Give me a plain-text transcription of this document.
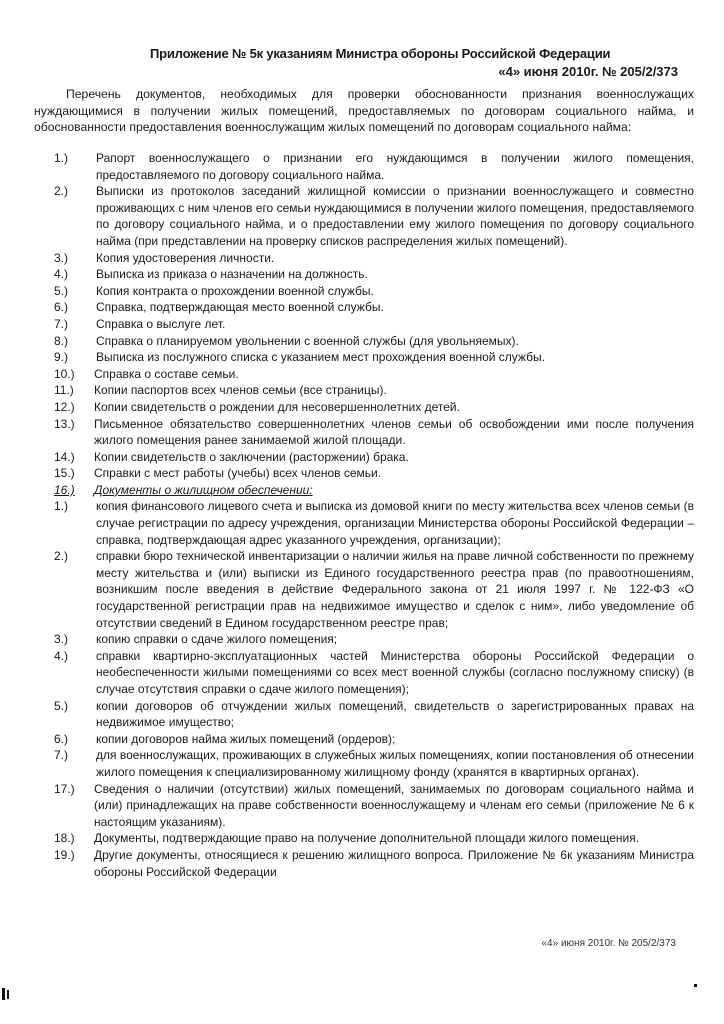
Приложение № 5к указаниям Министра обороны Российской Федерации
«4» июня 2010г. № 205/2/373
Перечень документов, необходимых для проверки обоснованности признания военнослужащих нуждающимися в получении жилых помещений, предоставляемых по договорам социального найма, и обоснованности предоставления военнослужащим жилых помещений по договорам социального найма:
1.)	Рапорт военнослужащего о признании его нуждающимся в получении жилого помещения, предоставляемого по договору социального найма.
2.)	Выписки из протоколов заседаний жилищной комиссии о признании военнослужащего и совместно проживающих с ним членов его семьи нуждающимися в получении жилого помещения, предоставляемого по договору социального найма, и о предоставлении ему жилого помещения по договору социального найма (при представлении на проверку списков распределения жилых помещений).
3.)	Копия удостоверения личности.
4.)	Выписка из приказа о назначении на должность.
5.)	Копия контракта о прохождении военной службы.
6.)	Справка, подтверждающая место военной службы.
7.)	Справка о выслуге лет.
8.)	Справка о планируемом увольнении с военной службы (для увольняемых).
9.)	Выписка из послужного списка с указанием мест прохождения военной службы.
10.)	Справка о составе семьи.
11.)	Копии паспортов всех членов семьи (все страницы).
12.)	Копии свидетельств о рождении для несовершеннолетних детей.
13.)	Письменное обязательство совершеннолетних членов семьи об освобождении ими после получения жилого помещения ранее занимаемой жилой площади.
14.)	Копии свидетельств о заключении (расторжении) брака.
15.)	Справки с мест работы (учебы) всех членов семьи.
16.)	Документы о жилищном обеспечении:
1.)	копия финансового лицевого счета и выписка из домовой книги по месту жительства всех членов семьи (в случае регистрации по адресу учреждения, организации Министерства обороны Российской Федерации – справка, подтверждающая адрес указанного учреждения, организации);
2.)	справки бюро технической инвентаризации о наличии жилья на праве личной собственности по прежнему месту жительства и (или) выписки из Единого государственного реестра прав (по правоотношениям, возникшим после введения в действие Федерального закона от 21 июля 1997 г. № 122-ФЗ «О государственной регистрации прав на недвижимое имущество и сделок с ним», либо уведомление об отсутствии сведений в Едином государственном реестре прав;
3.)	копию справки о сдаче жилого помещения;
4.)	справки квартирно-эксплуатационных частей Министерства обороны Российской Федерации о необеспеченности жилыми помещениями со всех мест военной службы (согласно послужному списку) (в случае отсутствия справки о сдаче жилого помещения);
5.)	копии договоров об отчуждении жилых помещений, свидетельств о зарегистрированных правах на недвижимое имущество;
6.)	копии договоров найма жилых помещений (ордеров);
7.)	для военнослужащих, проживающих в служебных жилых помещениях, копии постановления об отнесении жилого помещения к специализированному жилищному фонду (хранятся в квартирных органах).
17.)	Сведения о наличии (отсутствии) жилых помещений, занимаемых по договорам социального найма и (или) принадлежащих на праве собственности военнослужащему и членам его семьи (приложение № 6 к настоящим указаниям).
18.)	Документы, подтверждающие право на получение дополнительной площади жилого помещения.
19.)	Другие документы, относящиеся к решению жилищного вопроса. Приложение № 6к указаниям Министра обороны Российской Федерации
«4» июня 2010г. № 205/2/373
